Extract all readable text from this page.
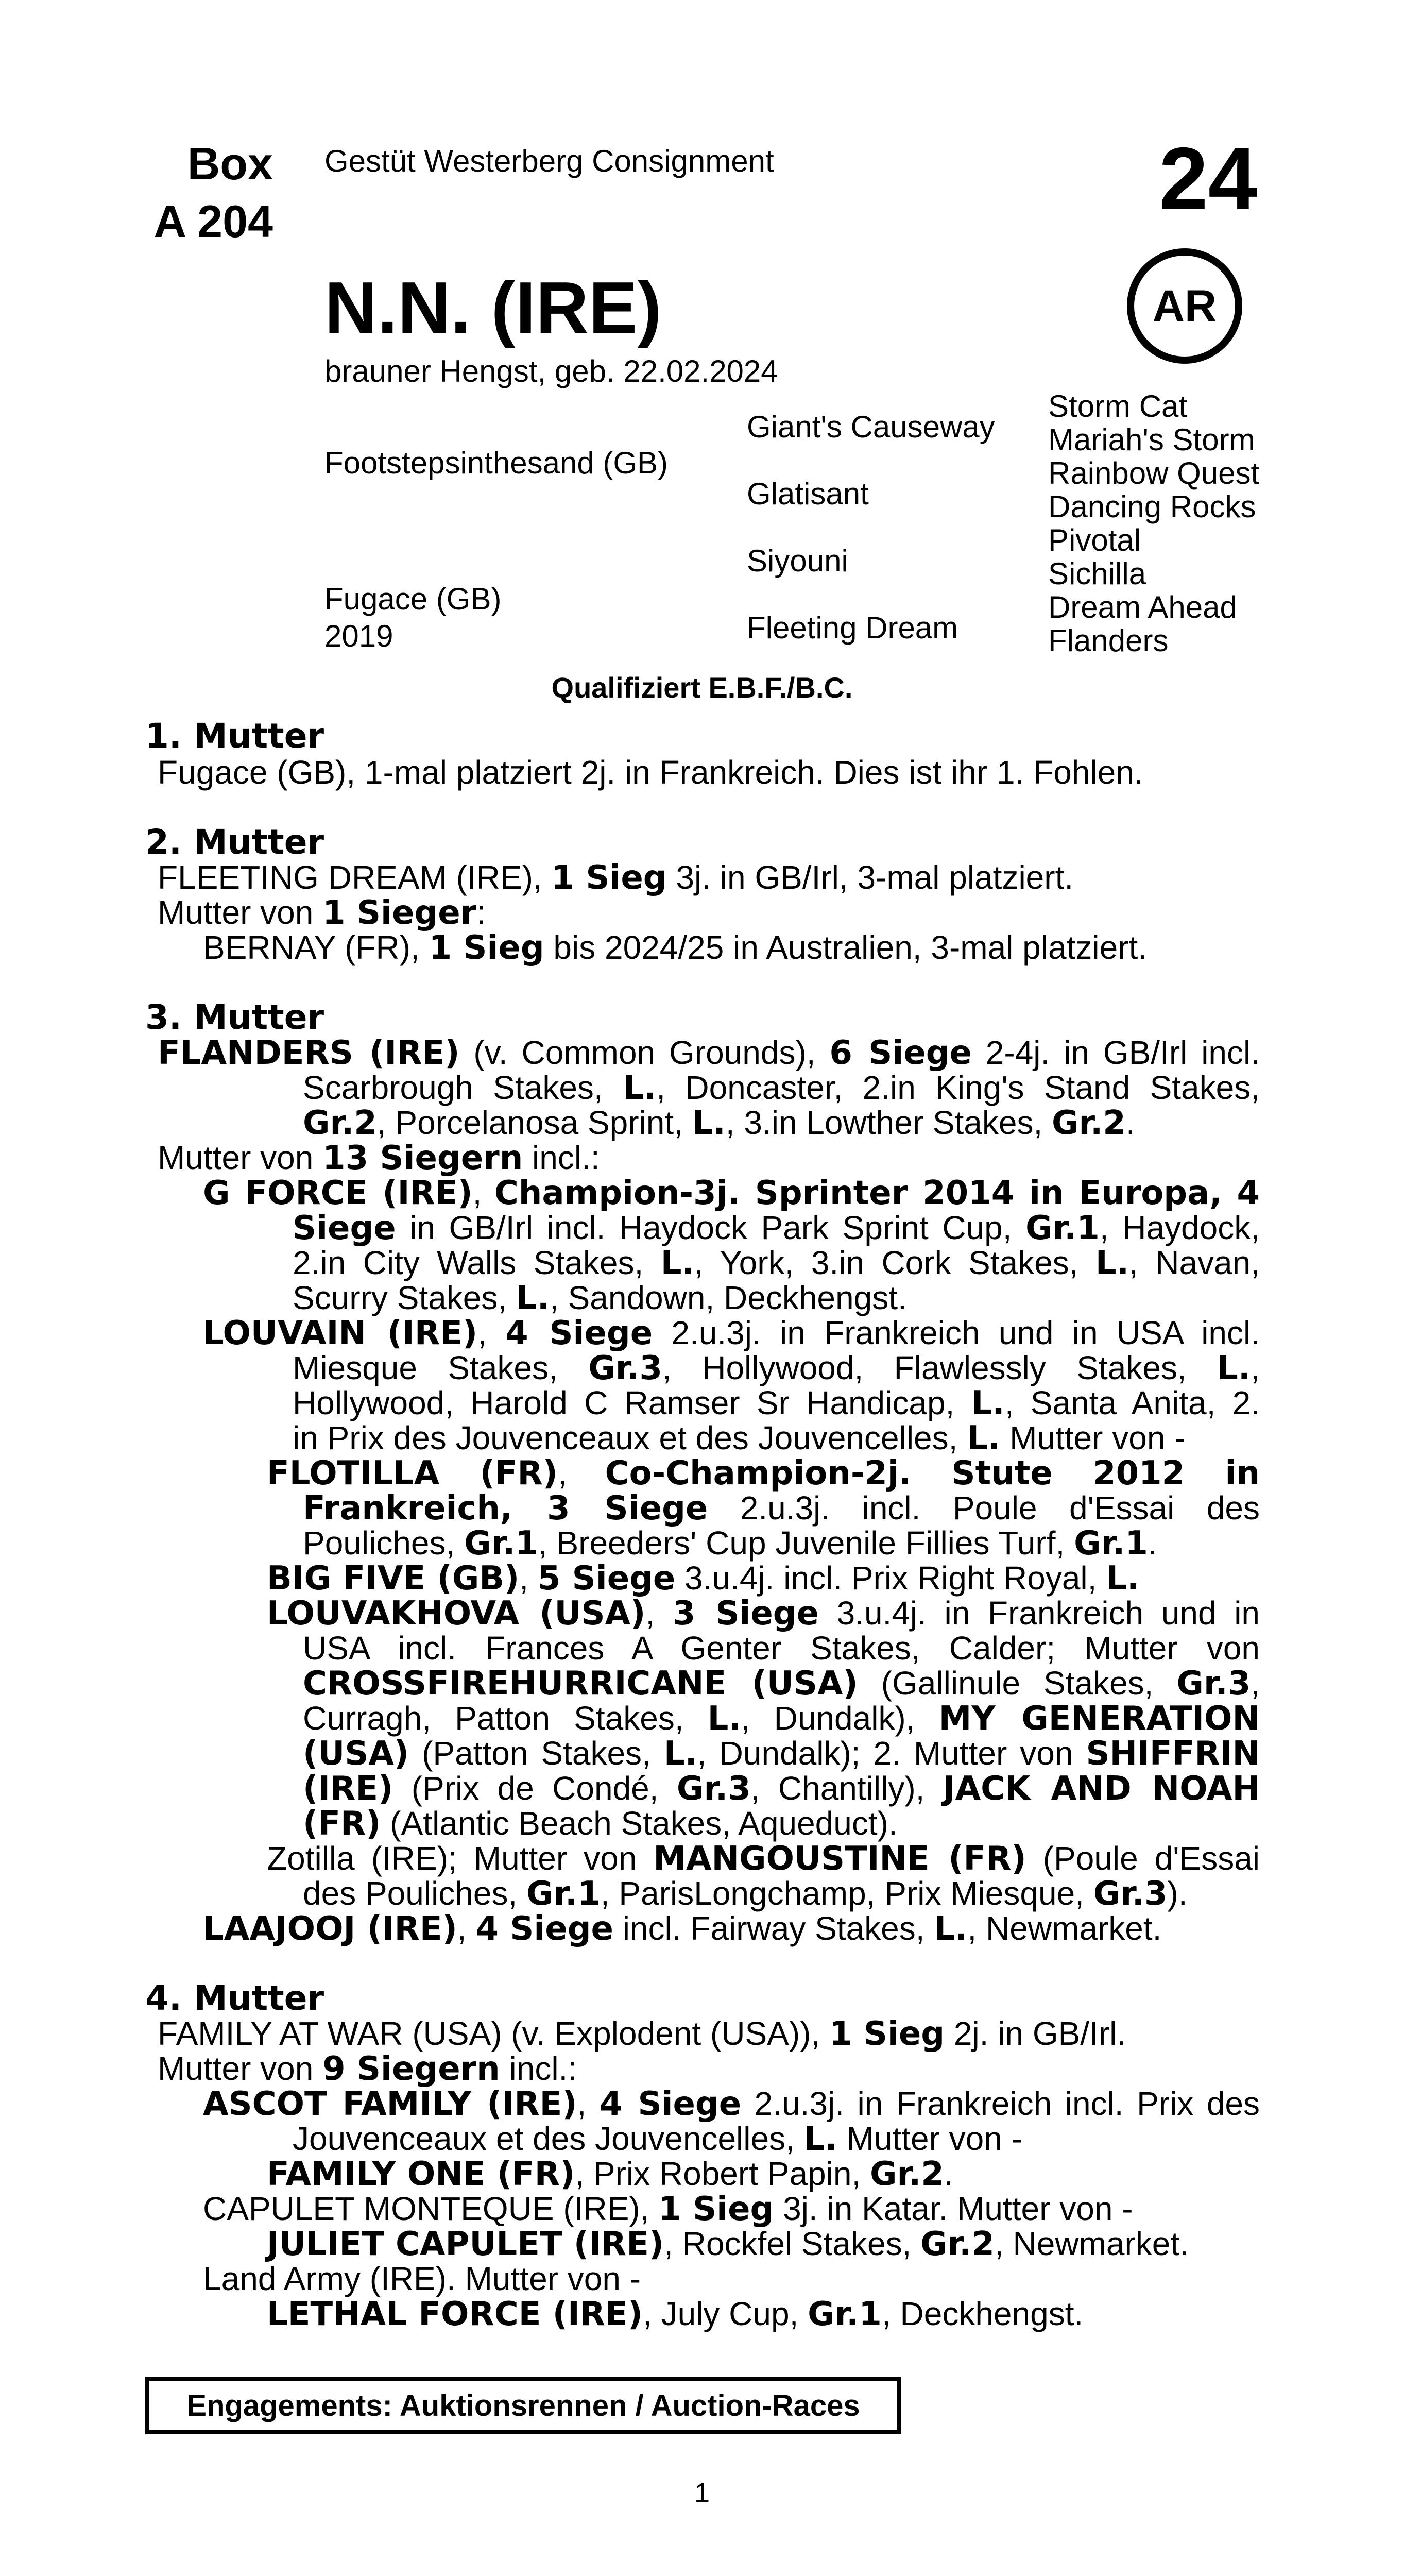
Box
A 204
Gestüt Westerberg Consignment	24
N.N. (IRE)	AR
brauner Hengst, geb. 22.02.2024
Footstepsinthesand (GB)
Fugace (GB)
2019
Giant's Causeway
Glatisant
Siyouni
Fleeting Dream
Storm Cat
Mariah's Storm
Rainbow Quest
Dancing Rocks
Pivotal
Sichilla
Dream Ahead
Flanders
Qualifiziert E.B.F./B.C.
1. Mutter
Fugace (GB), 1-mal platziert 2j. in Frankreich. Dies ist ihr 1. Fohlen.
2. Mutter
FLEETING DREAM (IRE), 1 Sieg 3j. in GB/Irl, 3-mal platziert.
Mutter von 1 Sieger:
BERNAY (FR), 1 Sieg bis 2024/25 in Australien, 3-mal platziert.
3. Mutter
FLANDERS (IRE) (v. Common Grounds), 6 Siege 2-4j. in GB/Irl incl.
Scarbrough Stakes, L., Doncaster, 2.in King's Stand Stakes,
Gr.2, Porcelanosa Sprint, L., 3.in Lowther Stakes, Gr.2.
Mutter von 13 Siegern incl.:
G FORCE (IRE), Champion-3j. Sprinter 2014 in Europa, 4
Siege in GB/Irl incl. Haydock Park Sprint Cup, Gr.1, Haydock,
2.in City Walls Stakes, L., York, 3.in Cork Stakes, L., Navan,
Scurry Stakes, L., Sandown, Deckhengst.
LOUVAIN (IRE), 4 Siege 2.u.3j. in Frankreich und in USA incl.
Miesque Stakes, Gr.3, Hollywood, Flawlessly Stakes, L.,
Hollywood, Harold C Ramser Sr Handicap, L., Santa Anita, 2.
in Prix des Jouvenceaux et des Jouvencelles, L. Mutter von -
FLOTILLA (FR), Co-Champion-2j. Stute 2012 in
Frankreich, 3 Siege 2.u.3j. incl. Poule d'Essai des
Pouliches, Gr.1, Breeders' Cup Juvenile Fillies Turf, Gr.1.
BIG FIVE (GB), 5 Siege 3.u.4j. incl. Prix Right Royal, L.
LOUVAKHOVA (USA), 3 Siege 3.u.4j. in Frankreich und in
USA incl. Frances A Genter Stakes, Calder; Mutter von
CROSSFIREHURRICANE (USA) (Gallinule Stakes, Gr.3,
Curragh, Patton Stakes, L., Dundalk), MY GENERATION
(USA) (Patton Stakes, L., Dundalk); 2. Mutter von SHIFFRIN
(IRE) (Prix de Condé, Gr.3, Chantilly), JACK AND NOAH
(FR) (Atlantic Beach Stakes, Aqueduct).
Zotilla (IRE); Mutter von MANGOUSTINE (FR) (Poule d'Essai
des Pouliches, Gr.1, ParisLongchamp, Prix Miesque, Gr.3).
LAAJOOJ (IRE), 4 Siege incl. Fairway Stakes, L., Newmarket.
4. Mutter
FAMILY AT WAR (USA) (v. Explodent (USA)), 1 Sieg 2j. in GB/Irl.
Mutter von 9 Siegern incl.:
ASCOT FAMILY (IRE), 4 Siege 2.u.3j. in Frankreich incl. Prix des
Jouvenceaux et des Jouvencelles, L. Mutter von -
FAMILY ONE (FR), Prix Robert Papin, Gr.2.
CAPULET MONTEQUE (IRE), 1 Sieg 3j. in Katar. Mutter von -
JULIET CAPULET (IRE), Rockfel Stakes, Gr.2, Newmarket.
Land Army (IRE). Mutter von -
LETHAL FORCE (IRE), July Cup, Gr.1, Deckhengst.
Engagements: Auktionsrennen / Auction-Races
1
